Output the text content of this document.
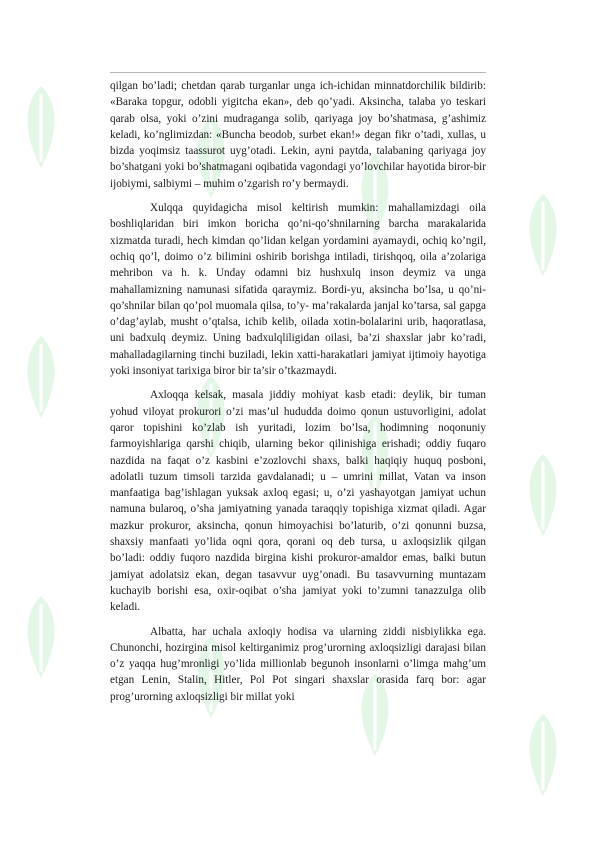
qilgan bo’ladi; chetdan qarab turganlar unga ich-ichidan minnatdorchilik bildirib: «Baraka topgur, odobli yigitcha ekan», deb qo’yadi. Aksincha, talaba yo teskari qarab olsa, yoki o’zini mudraganga solib, qariyaga joy bo’shatmasa, g’ashimiz keladi, ko’nglimizdan: «Buncha beodob, surbet ekan!» degan fikr o’tadi, xullas, u bizda yoqimsiz taassurot uyg’otadi. Lekin, ayni paytda, talabaning qariyaga joy bo’shatgani yoki bo’shatmagani oqibatida vagondagi yo’lovchilar hayotida biror-bir ijobiymi, salbiymi – muhim o’zgarish ro’y bermaydi.

Xulqqa quyidagicha misol keltirish mumkin: mahallamizdagi oila boshliqlaridan biri imkon boricha qo’ni-qo’shnilarning barcha marakalarida xizmatda turadi, hech kimdan qo’lidan kelgan yordamini ayamaydi, ochiq ko’ngil, ochiq qo’l, doimo o’z bilimini oshirib borishga intiladi, tirishqoq, oila a’zolariga mehribon va h. k. Unday odamni biz hushxulq inson deymiz va unga mahallamizning namunasi sifatida qaraymiz. Bordi-yu, aksincha bo’lsa, u qo’ni-qo’shnilar bilan qo’pol muomala qilsa, to’y- ma’rakalarda janjal ko’tarsa, sal gapga o’dag’aylab, musht o’qtalsa, ichib kelib, oilada xotin-bolalarini urib, haqoratlasa, uni badxulq deymiz. Uning badxulqliligidan oilasi, ba’zi shaxslar jabr ko’radi, mahalladagilarning tinchi buziladi, lekin xatti-harakatlari jamiyat ijtimoiy hayotiga yoki insoniyat tarixiga biror bir ta’sir o’tkazmaydi.

Axloqqa kelsak, masala jiddiy mohiyat kasb etadi: deylik, bir tuman yohud viloyat prokurori o’zi mas’ul hududda doimo qonun ustuvorligini, adolat qaror topishini ko’zlab ish yuritadi, lozim bo’lsa, hodimning noqonuniy farmoyishlariga qarshi chiqib, ularning bekor qilinishiga erishadi; oddiy fuqaro nazdida na faqat o’z kasbini e’zozlovchi shaxs, balki haqiqiy huquq posboni, adolatli tuzum timsoli tarzida gavdalanadi; u – umrini millat, Vatan va inson manfaatiga bag’ishlagan yuksak axloq egasi; u, o’zi yashayotgan jamiyat uchun namuna bularoq, o’sha jamiyatning yanada taraqqiy topishiga xizmat qiladi. Agar mazkur prokuror, aksincha, qonun himoyachisi bo’laturib, o’zi qonunni buzsa, shaxsiy manfaati yo’lida oqni qora, qorani oq deb tursa, u axloqsizlik qilgan bo’ladi: oddiy fuqoro nazdida birgina kishi prokuror-amaldor emas, balki butun jamiyat adolatsiz ekan, degan tasavvur uyg’onadi. Bu tasavvurning muntazam kuchayib borishi esa, oxir-oqibat o’sha jamiyat yoki to’zumni tanazzulga olib keladi.

Albatta, har uchala axloqiy hodisa va ularning ziddi nisbiylikka ega. Chunonchi, hozirgina misol keltirganimiz prog’urorning axloqsizligi darajasi bilan o’z yaqqa hug’mronligi yo’lida millionlab begunoh insonlarni o’limga mahg’um etgan Lenin, Stalin, Hitler, Pol Pot singari shaxslar orasida farq bor: agar prog’urorning axloqsizligi bir millat yoki
